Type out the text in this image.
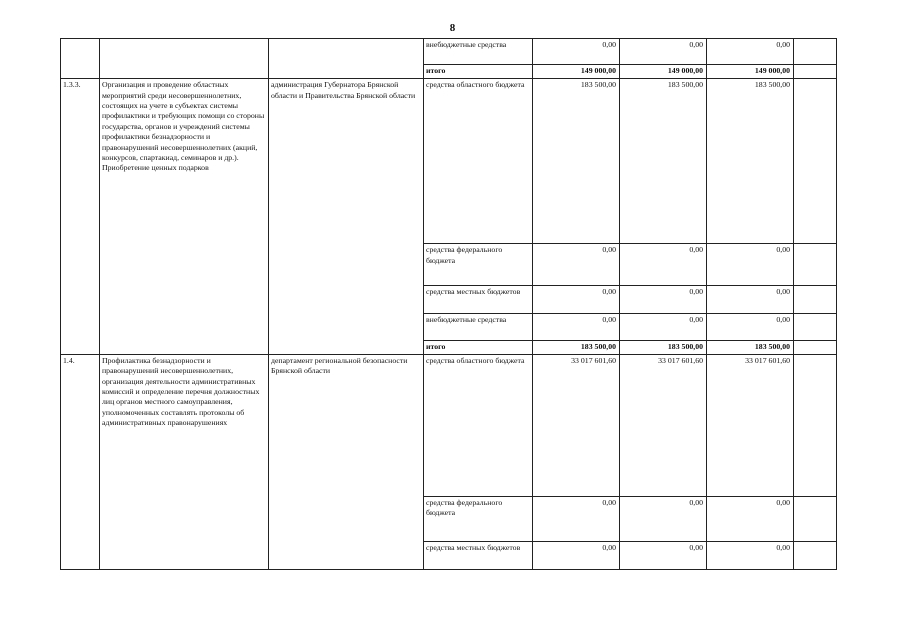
8
			внебюджетные средства	0,00	0,00	0,00	
			итого	149 000,00	149 000,00	149 000,00	
1.3.3.	Организация и проведение областных мероприятий среди несовершеннолетних, состоящих на учете в субъектах системы профилактики и требующих помощи со стороны государства, органов и учреждений системы профилактики безнадзорности и правонарушений несовершеннолетних (акций, конкурсов, спартакиад, семинаров и др.). Приобретение ценных подарков	администрация Губернатора Брянской области и Правительства Брянской области	средства областного бюджета	183 500,00	183 500,00	183 500,00	
			средства федерального бюджета	0,00	0,00	0,00	
			средства местных бюджетов	0,00	0,00	0,00	
			внебюджетные средства	0,00	0,00	0,00	
			итого	183 500,00	183 500,00	183 500,00	
1.4.	Профилактика безнадзорности и правонарушений несовершеннолетних, организация деятельности административных комиссий и определение перечня должностных лиц органов местного самоуправления, уполномоченных составлять протоколы об административных правонарушениях	департамент региональной безопасности Брянской области	средства областного бюджета	33 017 601,60	33 017 601,60	33 017 601,60	
			средства федерального бюджета	0,00	0,00	0,00	
			средства местных бюджетов	0,00	0,00	0,00	
